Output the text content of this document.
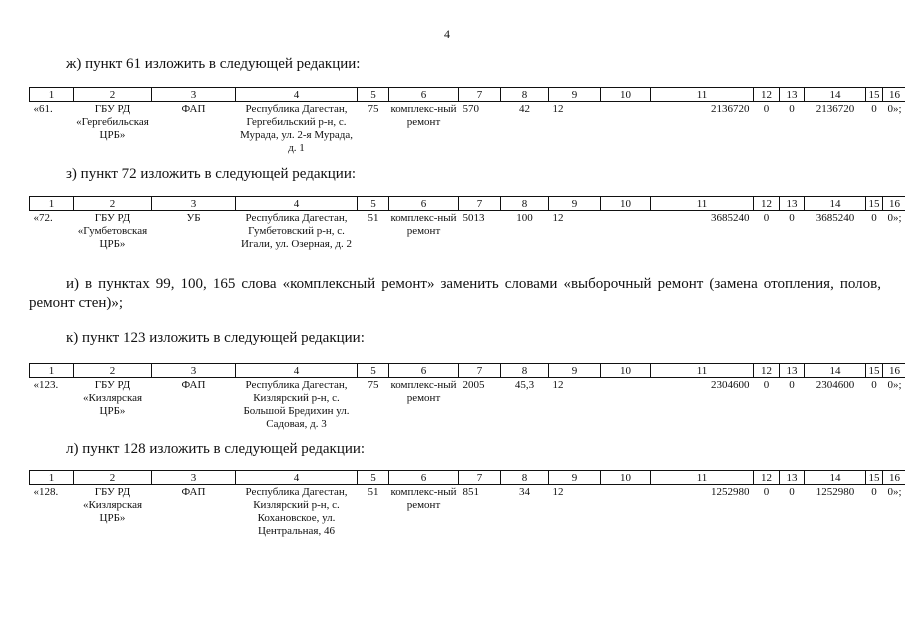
4
ж) пункт 61 изложить в следующей редакции:
1	2	3	4	5	6	7	8	9	10	11	12	13	14	15	16
«61.	ГБУ РД «Гергебильская ЦРБ»	ФАП	Республика Дагестан, Гергебильский р-н, с. Мурада, ул. 2-я Мурада, д. 1	75	комплекс-ный ремонт	570	42	12		2136720	0	0	2136720	0	0»;
з) пункт 72 изложить в следующей редакции:
1	2	3	4	5	6	7	8	9	10	11	12	13	14	15	16
«72.	ГБУ РД «Гумбетовская ЦРБ»	УБ	Республика Дагестан, Гумбетовский р-н, с. Игали, ул. Озерная, д. 2	51	комплекс-ный ремонт	5013	100	12		3685240	0	0	3685240	0	0»;
и) в пунктах 99, 100, 165 слова «комплексный ремонт» заменить словами «выборочный ремонт (замена отопления, полов, ремонт стен)»;
к) пункт 123 изложить в следующей редакции:
1	2	3	4	5	6	7	8	9	10	11	12	13	14	15	16
«123.	ГБУ РД «Кизлярская ЦРБ»	ФАП	Республика Дагестан, Кизлярский р-н, с. Большой Бредихин ул. Садовая, д. 3	75	комплекс-ный ремонт	2005	45,3	12		2304600	0	0	2304600	0	0»;
л) пункт 128 изложить в следующей редакции:
1	2	3	4	5	6	7	8	9	10	11	12	13	14	15	16
«128.	ГБУ РД «Кизлярская ЦРБ»	ФАП	Республика Дагестан, Кизлярский р-н, с. Кохановское, ул. Центральная, 46	51	комплекс-ный ремонт	851	34	12		1252980	0	0	1252980	0	0»;
